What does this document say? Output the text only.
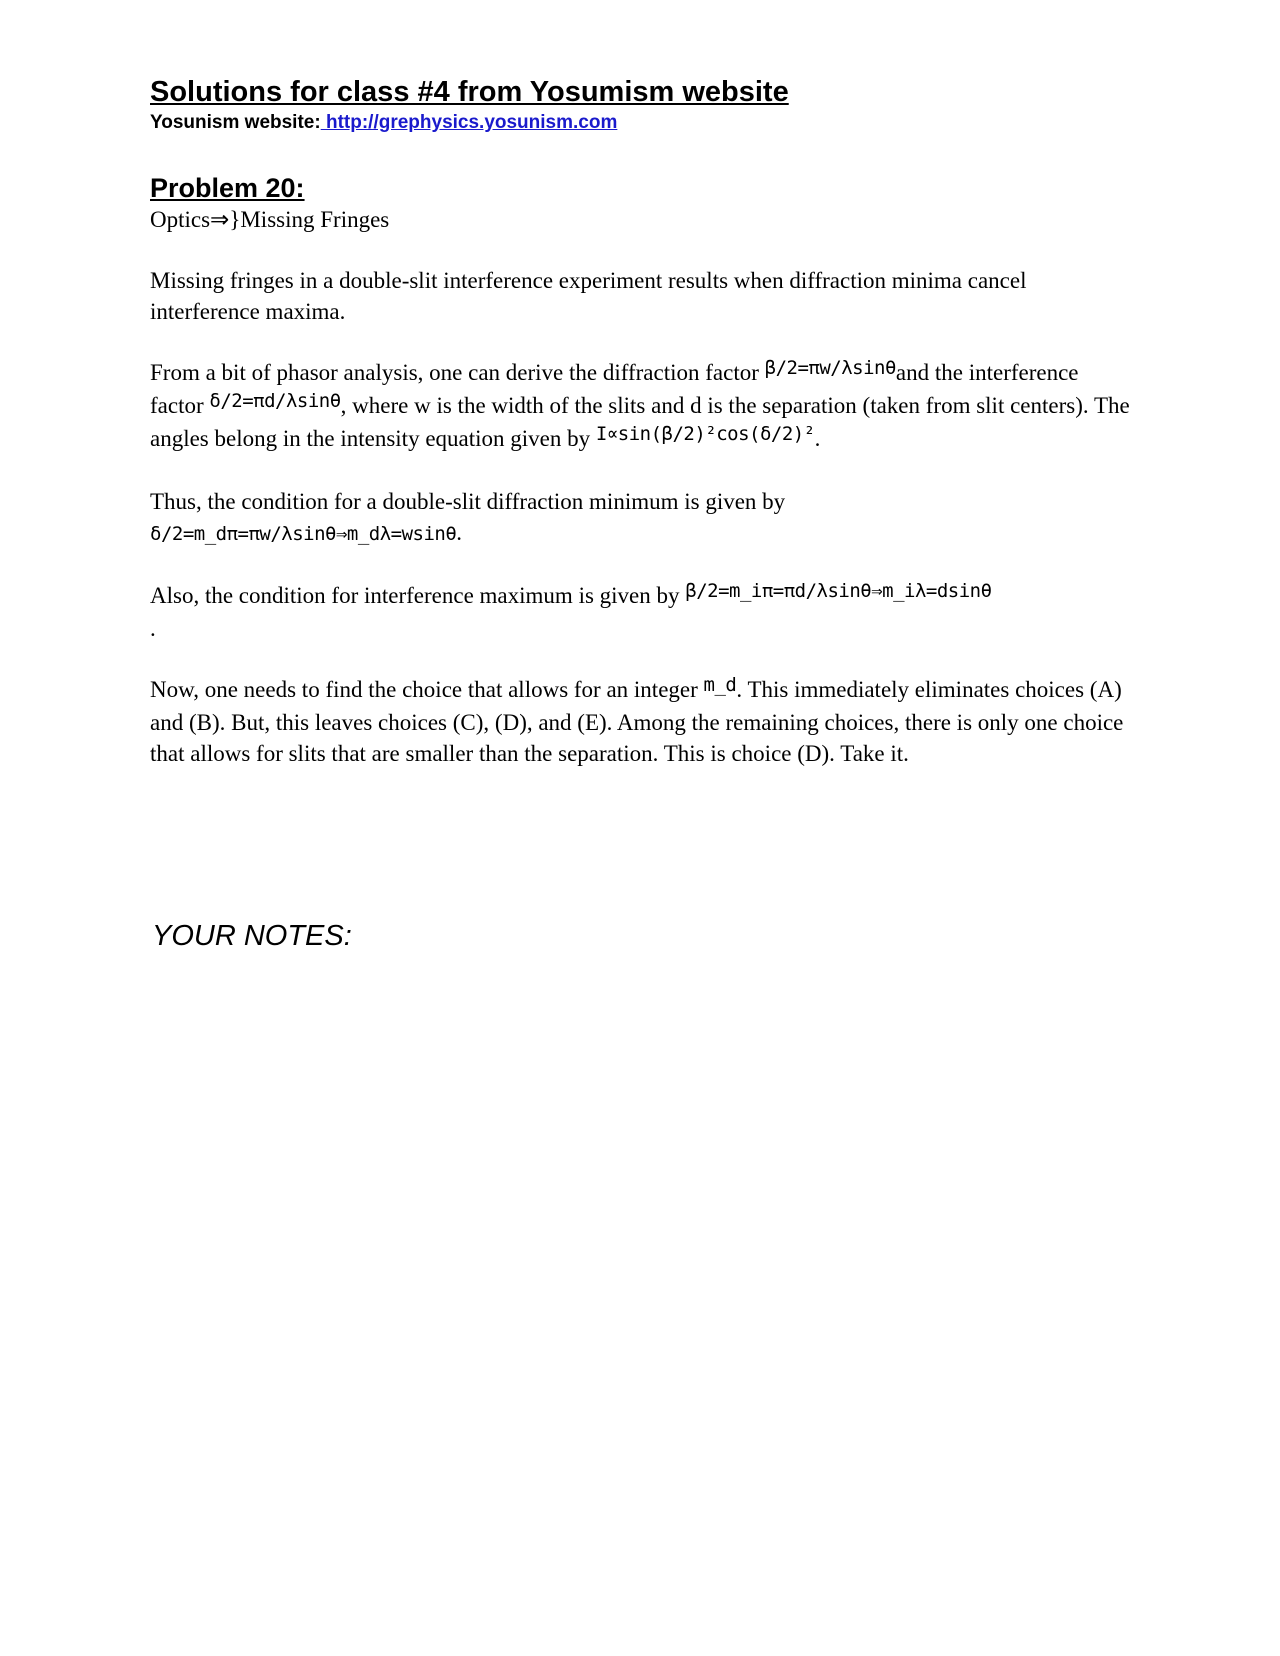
Solutions for class #4 from Yosumism website

Yosunism website: http://grephysics.yosunism.com

Problem 20:

Optics⇒}Missing Fringes

Missing fringes in a double-slit interference experiment results when diffraction minima cancel interference maxima.

From a bit of phasor analysis, one can derive the diffraction factor $^{\beta/2=\pi w/\lambda sin\theta}$and the interference factor $^{\delta/2=\pi d/\lambda sin\theta}$, where w is the width of the slits and d is the separation (taken from slit centers). The angles belong in the intensity equation given by $^{I\propto sin(\beta/2)^2cos(\delta/2)^2}$.

Thus, the condition for a double-slit diffraction minimum is given by
δ/2=m_dπ=πw/λsinθ⇒m_dλ=wsinθ.

Also, the condition for interference maximum is given by $^{\beta/2=m\_i\pi=\pi d/\lambda sin\theta\Rightarrow m\_i\lambda=dsin\theta}$
.

Now, one needs to find the choice that allows for an integer $^{m\_d}$. This immediately eliminates choices (A) and (B). But, this leaves choices (C), (D), and (E). Among the remaining choices, there is only one choice that allows for slits that are smaller than the separation. This is choice (D). Take it.

YOUR NOTES:
